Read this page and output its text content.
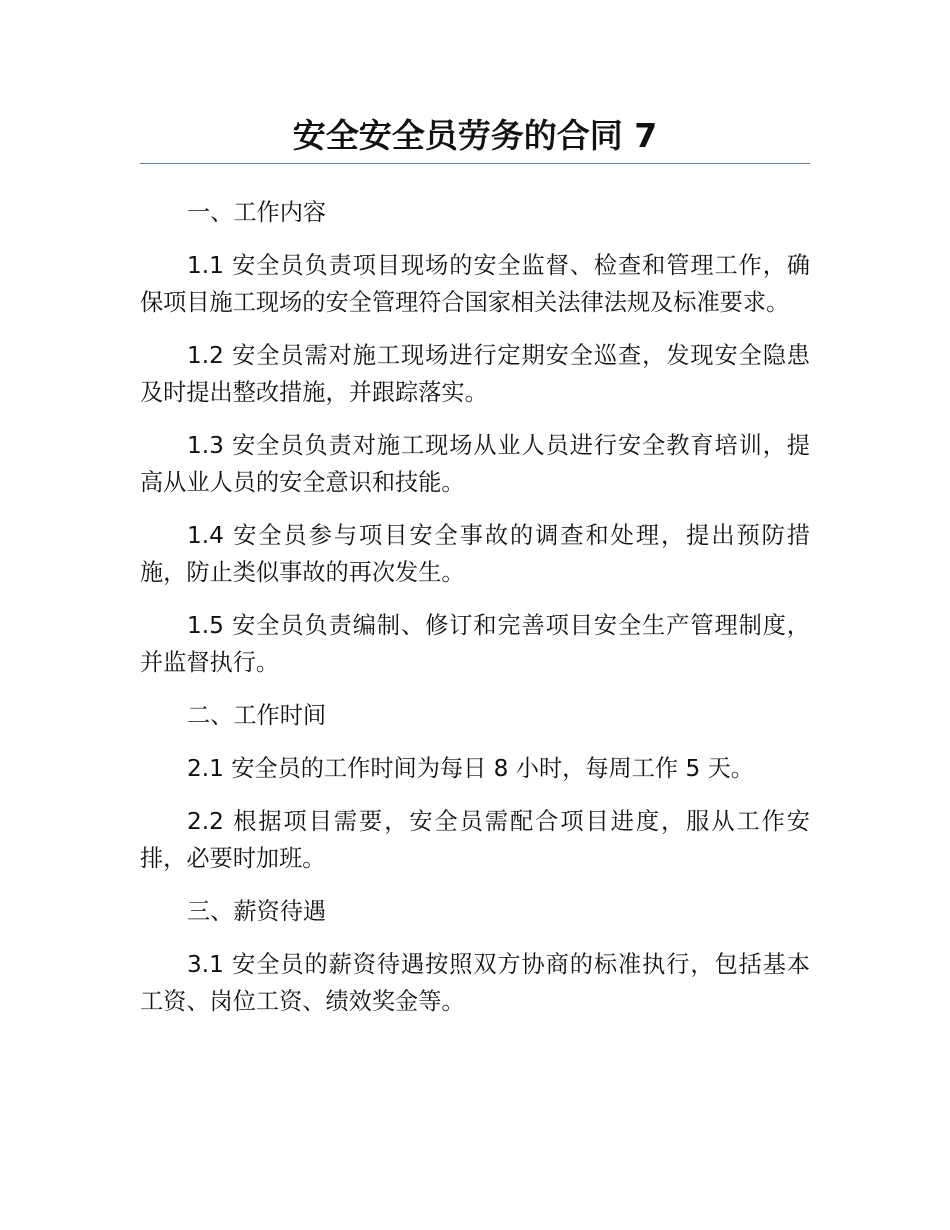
安全安全员劳务的合同 7

一、工作内容

1.1 安全员负责项目现场的安全监督、检查和管理工作，确保项目施工现场的安全管理符合国家相关法律法规及标准要求。

1.2 安全员需对施工现场进行定期安全巡查，发现安全隐患及时提出整改措施，并跟踪落实。

1.3 安全员负责对施工现场从业人员进行安全教育培训，提高从业人员的安全意识和技能。

1.4 安全员参与项目安全事故的调查和处理，提出预防措施，防止类似事故的再次发生。

1.5 安全员负责编制、修订和完善项目安全生产管理制度，并监督执行。

二、工作时间

2.1 安全员的工作时间为每日 8 小时，每周工作 5 天。

2.2 根据项目需要，安全员需配合项目进度，服从工作安排，必要时加班。

三、薪资待遇

3.1 安全员的薪资待遇按照双方协商的标准执行，包括基本工资、岗位工资、绩效奖金等。
